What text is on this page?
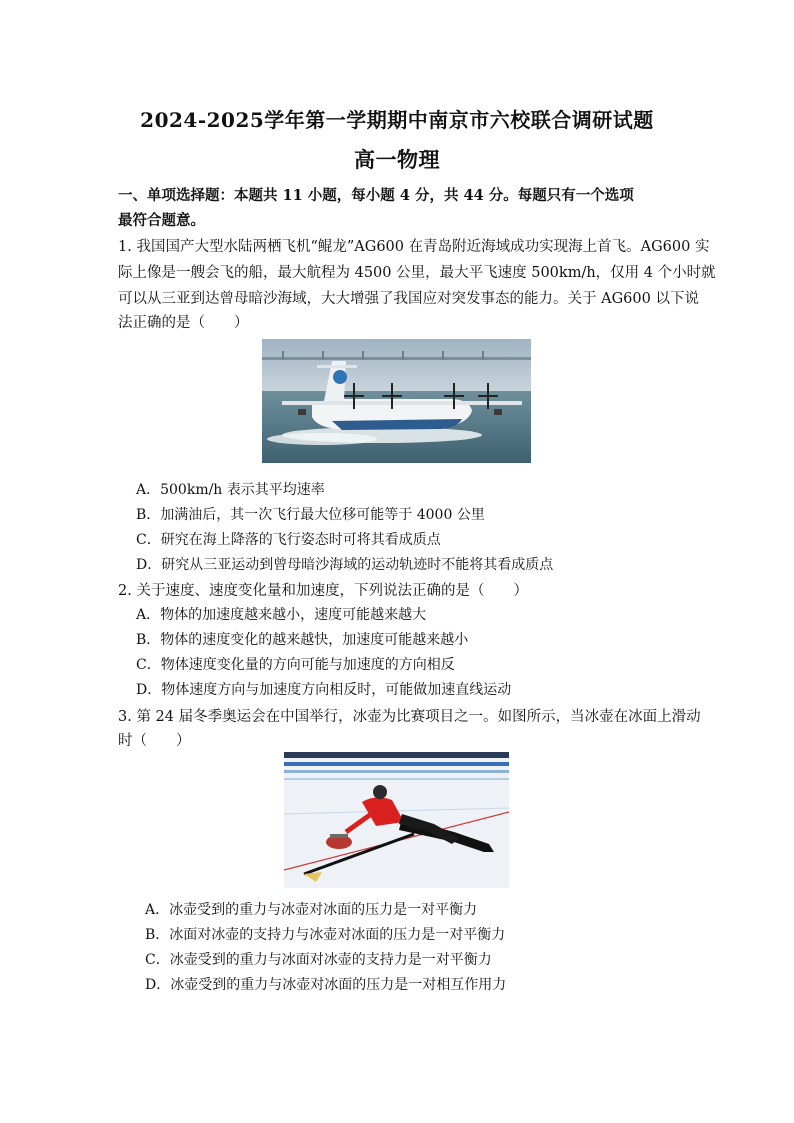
2024-2025学年第一学期期中南京市六校联合调研试题
高一物理
一、单项选择题：本题共 11 小题，每小题 4 分，共 44 分。每题只有一个选项
最符合题意。
1. 我国国产大型水陆两栖飞机“鲲龙”AG600 在青岛附近海域成功实现海上首飞。AG600 实
际上像是一艘会飞的船，最大航程为 4500 公里，最大平飞速度 500km/h，仅用 4 个小时就
可以从三亚到达曾母暗沙海域，大大增强了我国应对突发事态的能力。关于 AG600 以下说
法正确的是（　　）
A．500km/h 表示其平均速率
B．加满油后，其一次飞行最大位移可能等于 4000 公里
C．研究在海上降落的飞行姿态时可将其看成质点
D．研究从三亚运动到曾母暗沙海域的运动轨迹时不能将其看成质点
2. 关于速度、速度变化量和加速度，下列说法正确的是（　　）
A．物体的加速度越来越小，速度可能越来越大
B．物体的速度变化的越来越快，加速度可能越来越小
C．物体速度变化量的方向可能与加速度的方向相反
D．物体速度方向与加速度方向相反时，可能做加速直线运动
3. 第 24 届冬季奥运会在中国举行，冰壶为比赛项目之一。如图所示，当冰壶在冰面上滑动
时（　　）
A．冰壶受到的重力与冰壶对冰面的压力是一对平衡力
B．冰面对冰壶的支持力与冰壶对冰面的压力是一对平衡力
C．冰壶受到的重力与冰面对冰壶的支持力是一对平衡力
D．冰壶受到的重力与冰壶对冰面的压力是一对相互作用力
